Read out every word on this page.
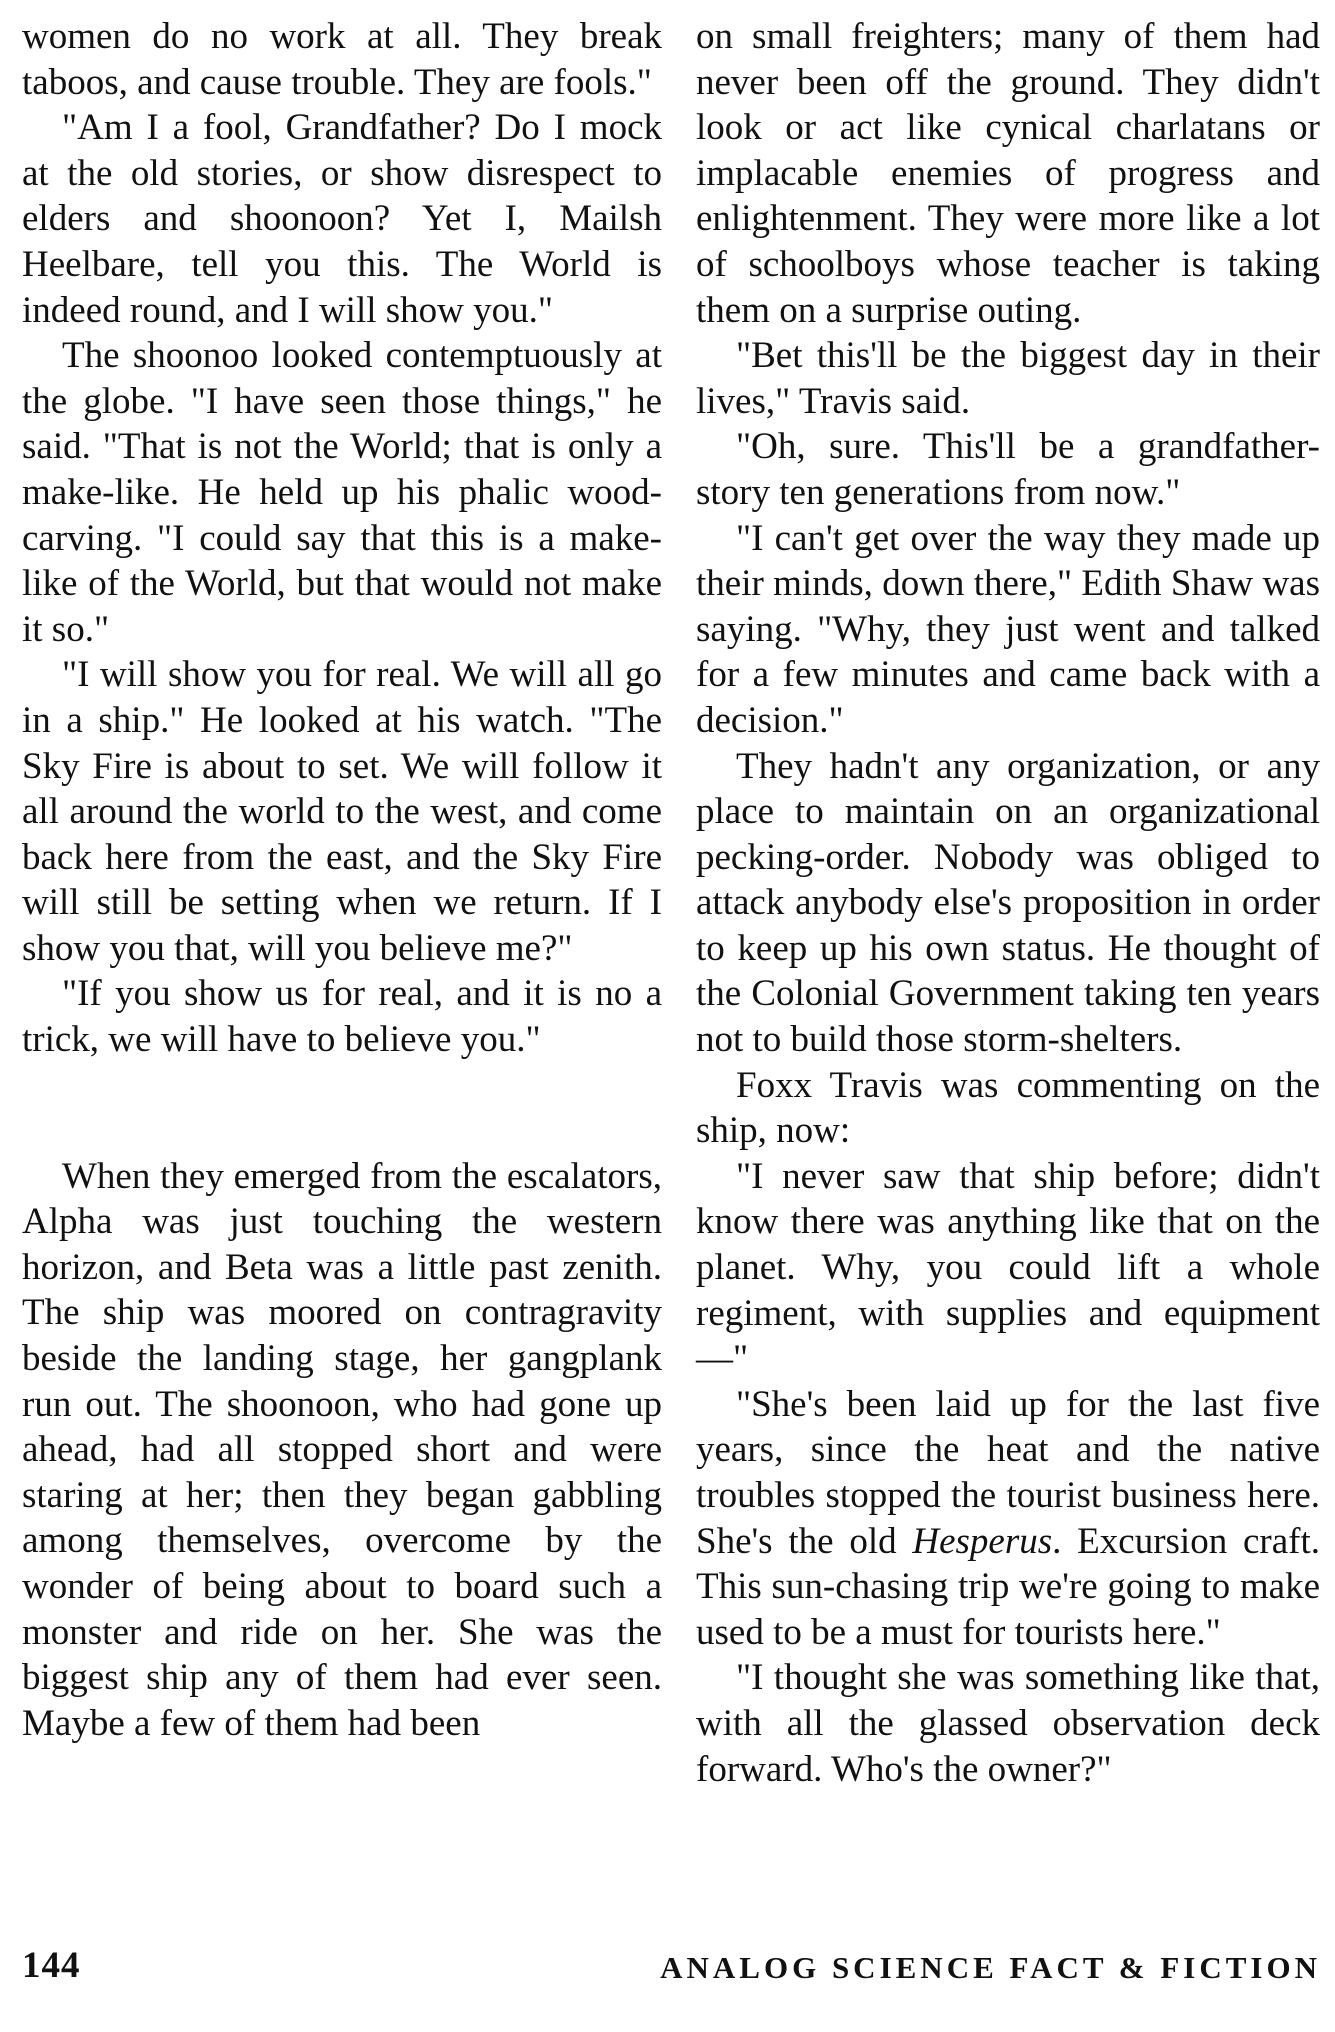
women do no work at all. They break taboos, and cause trouble. They are fools."

"Am I a fool, Grandfather? Do I mock at the old stories, or show disrespect to elders and shoonoon? Yet I, Mailsh Heelbare, tell you this. The World is indeed round, and I will show you."

The shoonoo looked contemptuously at the globe. "I have seen those things," he said. "That is not the World; that is only a make-like. He held up his phalic wood-carving. "I could say that this is a make-like of the World, but that would not make it so."

"I will show you for real. We will all go in a ship." He looked at his watch. "The Sky Fire is about to set. We will follow it all around the world to the west, and come back here from the east, and the Sky Fire will still be setting when we return. If I show you that, will you believe me?"

"If you show us for real, and it is no a trick, we will have to believe you."

When they emerged from the escalators, Alpha was just touching the western horizon, and Beta was a little past zenith. The ship was moored on contragravity beside the landing stage, her gangplank run out. The shoonoon, who had gone up ahead, had all stopped short and were staring at her; then they began gabbling among themselves, overcome by the wonder of being about to board such a monster and ride on her. She was the biggest ship any of them had ever seen. Maybe a few of them had been

on small freighters; many of them had never been off the ground. They didn't look or act like cynical charlatans or implacable enemies of progress and enlightenment. They were more like a lot of schoolboys whose teacher is taking them on a surprise outing.

"Bet this'll be the biggest day in their lives," Travis said.

"Oh, sure. This'll be a grandfather-story ten generations from now."

"I can't get over the way they made up their minds, down there," Edith Shaw was saying. "Why, they just went and talked for a few minutes and came back with a decision."

They hadn't any organization, or any place to maintain on an organizational pecking-order. Nobody was obliged to attack anybody else's proposition in order to keep up his own status. He thought of the Colonial Government taking ten years not to build those storm-shelters.

Foxx Travis was commenting on the ship, now:

"I never saw that ship before; didn't know there was anything like that on the planet. Why, you could lift a whole regiment, with supplies and equipment—"

"She's been laid up for the last five years, since the heat and the native troubles stopped the tourist business here. She's the old Hesperus. Excursion craft. This sun-chasing trip we're going to make used to be a must for tourists here."

"I thought she was something like that, with all the glassed observation deck forward. Who's the owner?"

144	ANALOG SCIENCE FACT & FICTION
